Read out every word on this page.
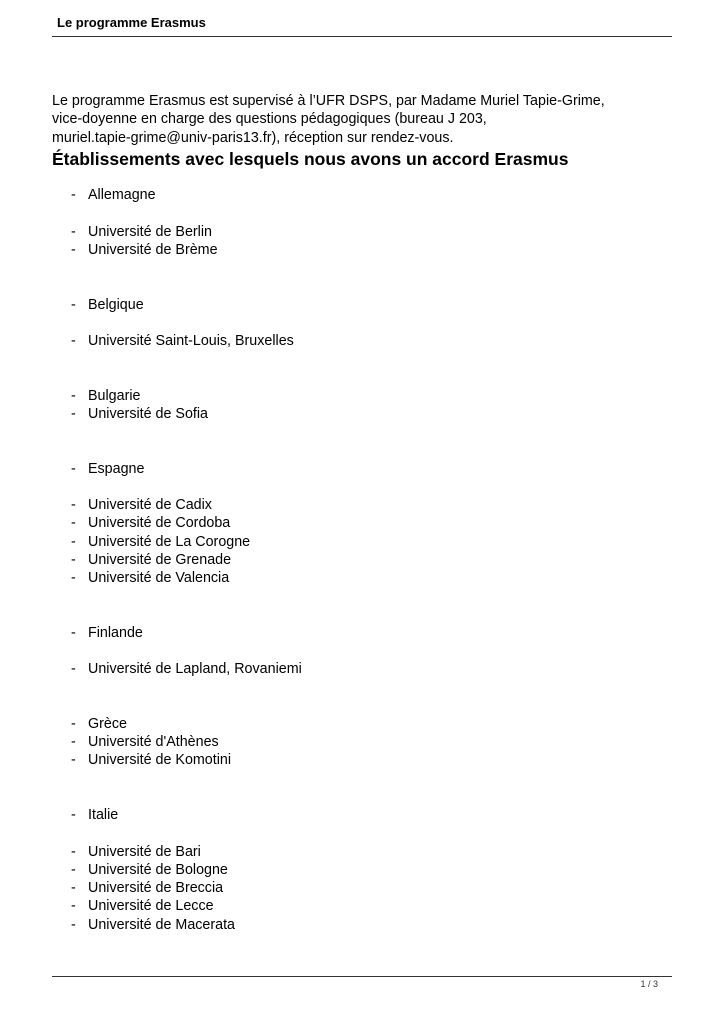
Le programme Erasmus

Le programme Erasmus est supervisé à l’UFR DSPS, par Madame Muriel Tapie-Grime,

vice-doyenne en charge des questions pédagogiques (bureau J 203,

muriel.tapie-grime@univ-paris13.fr), réception sur rendez-vous.

Établissements avec lesquels nous avons un accord Erasmus
- Allemagne
- Université de Berlin
- Université de Brème
- Belgique
- Université Saint-Louis, Bruxelles
- Bulgarie
- Université de Sofia
- Espagne
- Université de Cadix
- Université de Cordoba
- Université de La Corogne
- Université de Grenade
- Université de Valencia
- Finlande
- Université de Lapland, Rovaniemi
- Grèce
- Université d'Athènes
- Université de Komotini
- Italie
- Université de Bari
- Université de Bologne
- Université de Breccia
- Université de Lecce
- Université de Macerata
1 / 3
